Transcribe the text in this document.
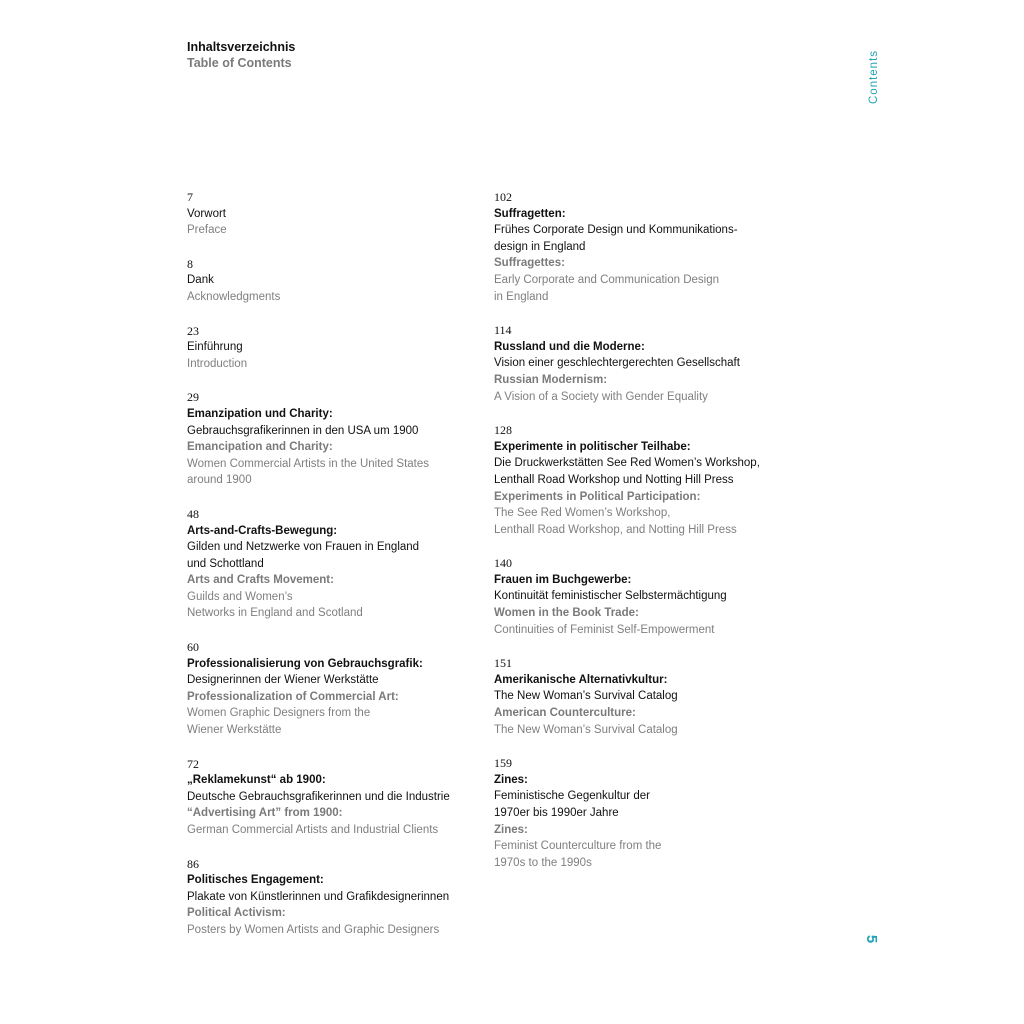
Inhaltsverzeichnis
Table of Contents	Contents
7
Vorwort
Preface
8
Dank
Acknowledgments
23
Einführung
Introduction
29
Emanzipation und Charity:
Gebrauchsgrafikerinnen in den USA um 1900
Emancipation and Charity:
Women Commercial Artists in the United States
around 1900
48
Arts-and-Crafts-Bewegung:
Gilden und Netzwerke von Frauen in England
und Schottland
Arts and Crafts Movement:
Guilds and Women’s
Networks in England and Scotland
60
Professionalisierung von Gebrauchsgrafik:
Designerinnen der Wiener Werkstätte
Professionalization of Commercial Art:
Women Graphic Designers from the
Wiener Werkstätte
72
„Reklamekunst“ ab 1900:
Deutsche Gebrauchsgrafikerinnen und die Industrie
“Advertising Art” from 1900:
German Commercial Artists and Industrial Clients
86
Politisches Engagement:
Plakate von Künstlerinnen und Grafikdesignerinnen
Political Activism:
Posters by Women Artists and Graphic Designers
102
Suffragetten:
Frühes Corporate Design und Kommunikations-
design in England
Suffragettes:
Early Corporate and Communication Design
in England
114
Russland und die Moderne:
Vision einer geschlechtergerechten Gesellschaft
Russian Modernism:
A Vision of a Society with Gender Equality
128
Experimente in politischer Teilhabe:
Die Druckwerkstätten See Red Women’s Workshop,
Lenthall Road Workshop und Notting Hill Press
Experiments in Political Participation:
The See Red Women’s Workshop,
Lenthall Road Workshop, and Notting Hill Press
140
Frauen im Buchgewerbe:
Kontinuität feministischer Selbstermächtigung
Women in the Book Trade:
Continuities of Feminist Self-Empowerment
151
Amerikanische Alternativkultur:
The New Woman’s Survival Catalog
American Counterculture:
The New Woman’s Survival Catalog
159
Zines:
Feministische Gegenkultur der
1970er bis 1990er Jahre
Zines:
Feminist Counterculture from the
1970s to the 1990s
5
